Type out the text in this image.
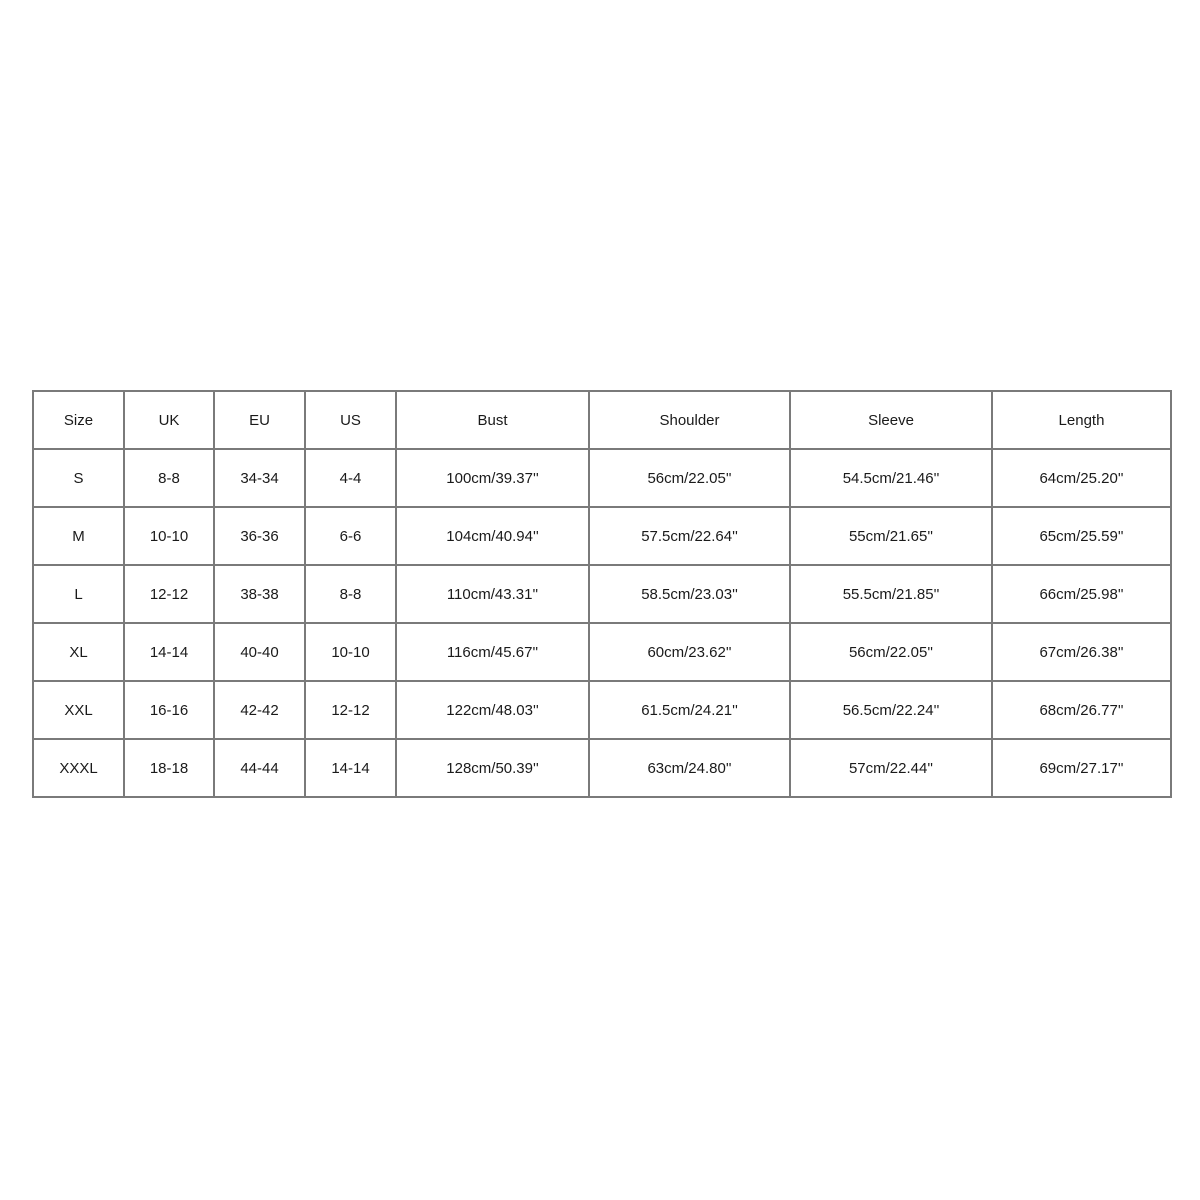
Size	UK	EU	US	Bust	Shoulder	Sleeve	Length
S	8-8	34-34	4-4	100cm/39.37''	56cm/22.05''	54.5cm/21.46''	64cm/25.20''
M	10-10	36-36	6-6	104cm/40.94''	57.5cm/22.64''	55cm/21.65''	65cm/25.59''
L	12-12	38-38	8-8	110cm/43.31''	58.5cm/23.03''	55.5cm/21.85''	66cm/25.98''
XL	14-14	40-40	10-10	116cm/45.67''	60cm/23.62''	56cm/22.05''	67cm/26.38''
XXL	16-16	42-42	12-12	122cm/48.03''	61.5cm/24.21''	56.5cm/22.24''	68cm/26.77''
XXXL	18-18	44-44	14-14	128cm/50.39''	63cm/24.80''	57cm/22.44''	69cm/27.17''
